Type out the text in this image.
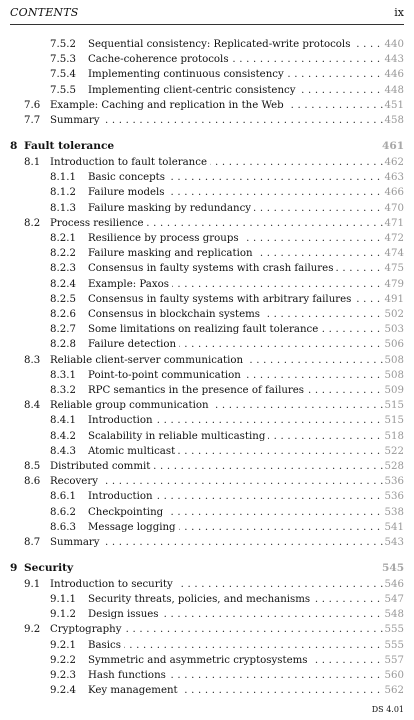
CONTENTS	ix
7.5.2 Sequential consistency: Replicated-write protocols . . .	440
7.5.3 Cache-coherence protocols . . .	443
7.5.4 Implementing continuous consistency . . .	446
7.5.5 Implementing client-centric consistency . . .	448
7.6 Example: Caching and replication in the Web . . .	451
7.7 Summary . . .	458
8 Fault tolerance	461
8.1 Introduction to fault tolerance . . .	462
8.1.1 Basic concepts . . .	463
8.1.2 Failure models . . .	466
8.1.3 Failure masking by redundancy . . .	470
8.2 Process resilience . . .	471
8.2.1 Resilience by process groups . . .	472
8.2.2 Failure masking and replication . . .	474
8.2.3 Consensus in faulty systems with crash failures . . .	475
8.2.4 Example: Paxos . . .	479
8.2.5 Consensus in faulty systems with arbitrary failures . . .	491
8.2.6 Consensus in blockchain systems . . .	502
8.2.7 Some limitations on realizing fault tolerance . . .	503
8.2.8 Failure detection . . .	506
8.3 Reliable client-server communication . . .	508
8.3.1 Point-to-point communication . . .	508
8.3.2 RPC semantics in the presence of failures . . .	509
8.4 Reliable group communication . . .	515
8.4.1 Introduction . . .	515
8.4.2 Scalability in reliable multicasting . . .	518
8.4.3 Atomic multicast . . .	522
8.5 Distributed commit . . .	528
8.6 Recovery . . .	536
8.6.1 Introduction . . .	536
8.6.2 Checkpointing . . .	538
8.6.3 Message logging . . .	541
8.7 Summary . . .	543
9 Security	545
9.1 Introduction to security . . .	546
9.1.1 Security threats, policies, and mechanisms . . .	547
9.1.2 Design issues . . .	548
9.2 Cryptography . . .	555
9.2.1 Basics . . .	555
9.2.2 Symmetric and asymmetric cryptosystems . . .	557
9.2.3 Hash functions . . .	560
9.2.4 Key management . . .	562
DS 4.01
